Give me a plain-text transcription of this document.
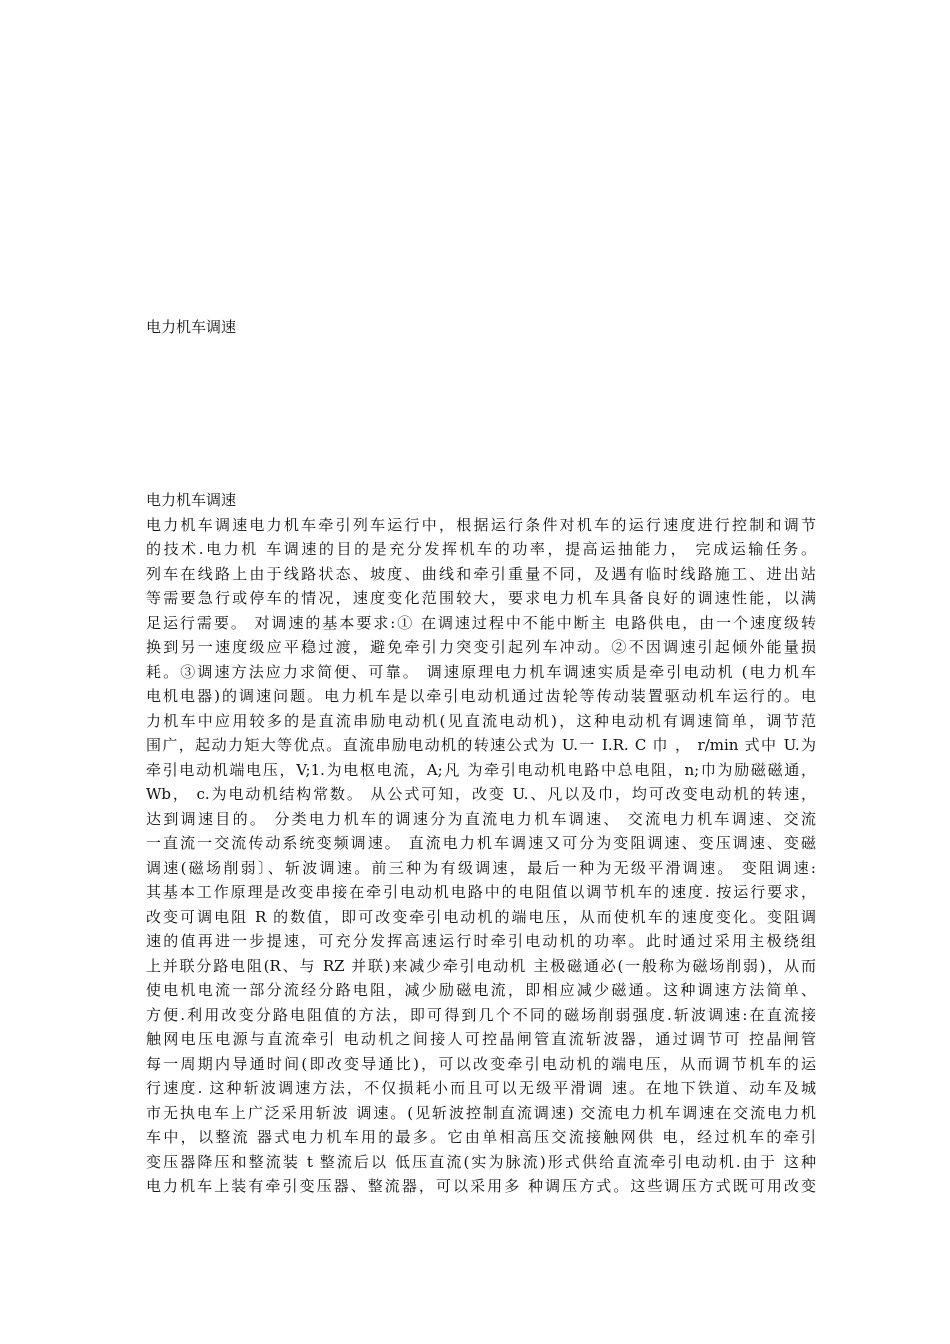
电力机车调速
电力机车调速
电力机车调速电力机车牵引列车运行中，根据运行条件对机车的运行速度进行控制和调节
的技术.电力机 车调速的目的是充分发挥机车的功率，提高运抽能力， 完成运输任务。
列车在线路上由于线路状态、坡度、曲线和牵引重量不同，及遇有临时线路施工、进出站
等需要急行或停车的情况，速度变化范围较大，要求电力机车具备良好的调速性能，以满
足运行需要。 对调速的基本要求:① 在调速过程中不能中断主 电路供电，由一个速度级转
换到另一速度级应平稳过渡，避免牵引力突变引起列车冲动。②不因调速引起倾外能量损
耗。③调速方法应力求简便、可靠。 调速原理电力机车调速实质是牵引电动机 (电力机车
电机电器)的调速问题。电力机车是以牵引电动机通过齿轮等传动装置驱动机车运行的。电
力机车中应用较多的是直流串励电动机(见直流电动机)，这种电动机有调速简单，调节范
围广，起动力矩大等优点。直流串励电动机的转速公式为 U.一 I.R. C 巾 ， r/min 式中 U.为
牵引电动机端电压，V;1.为电枢电流，A;凡 为牵引电动机电路中总电阻，n;巾为励磁磁通，
Wb， c.为电动机结构常数。 从公式可知，改变 U.、凡以及巾，均可改变电动机的转速，
达到调速目的。 分类电力机车的调速分为直流电力机车调速、 交流电力机车调速、交流
一直流一交流传动系统变频调速。 直流电力机车调速又可分为变阻调速、变压调速、变磁
调速(磁场削弱〕、斩波调速。前三种为有级调速，最后一种为无级平滑调速。 变阻调速:
其基本工作原理是改变串接在牵引电动机电路中的电阻值以调节机车的速度. 按运行要求，
改变可调电阻 R 的数值，即可改变牵引电动机的端电压，从而使机车的速度变化。变阻调
速的值再进一步提速，可充分发挥高速运行时牵引电动机的功率。此时通过采用主极绕组
上并联分路电阻(R、与 RZ 并联)来减少牵引电动机 主极磁通必(一般称为磁场削弱)，从而
使电机电流一部分流经分路电阻，减少励磁电流，即相应减少磁通。这种调速方法简单、
方便.利用改变分路电阻值的方法，即可得到几个不同的磁场削弱强度.斩波调速:在直流接
触网电压电源与直流牵引 电动机之间接人可控晶闸管直流斩波器，通过调节可 控晶闸管
每一周期内导通时间(即改变导通比)，可以改变牵引电动机的端电压，从而调节机车的运
行速度. 这种斩波调速方法，不仅损耗小而且可以无级平滑调 速。在地下铁道、动车及城
市无执电车上广泛采用斩波 调速。(见斩波控制直流调速) 交流电力机车调速在交流电力机
车中，以整流 器式电力机车用的最多。它由单相高压交流接触网供 电，经过机车的牵引
变压器降压和整流装 t 整流后以 低压直流(实为脉流)形式供给直流牵引电动机.由于 这种
电力机车上装有牵引变压器、整流器，可以采用多 种调压方式。这些调压方式既可用改变
